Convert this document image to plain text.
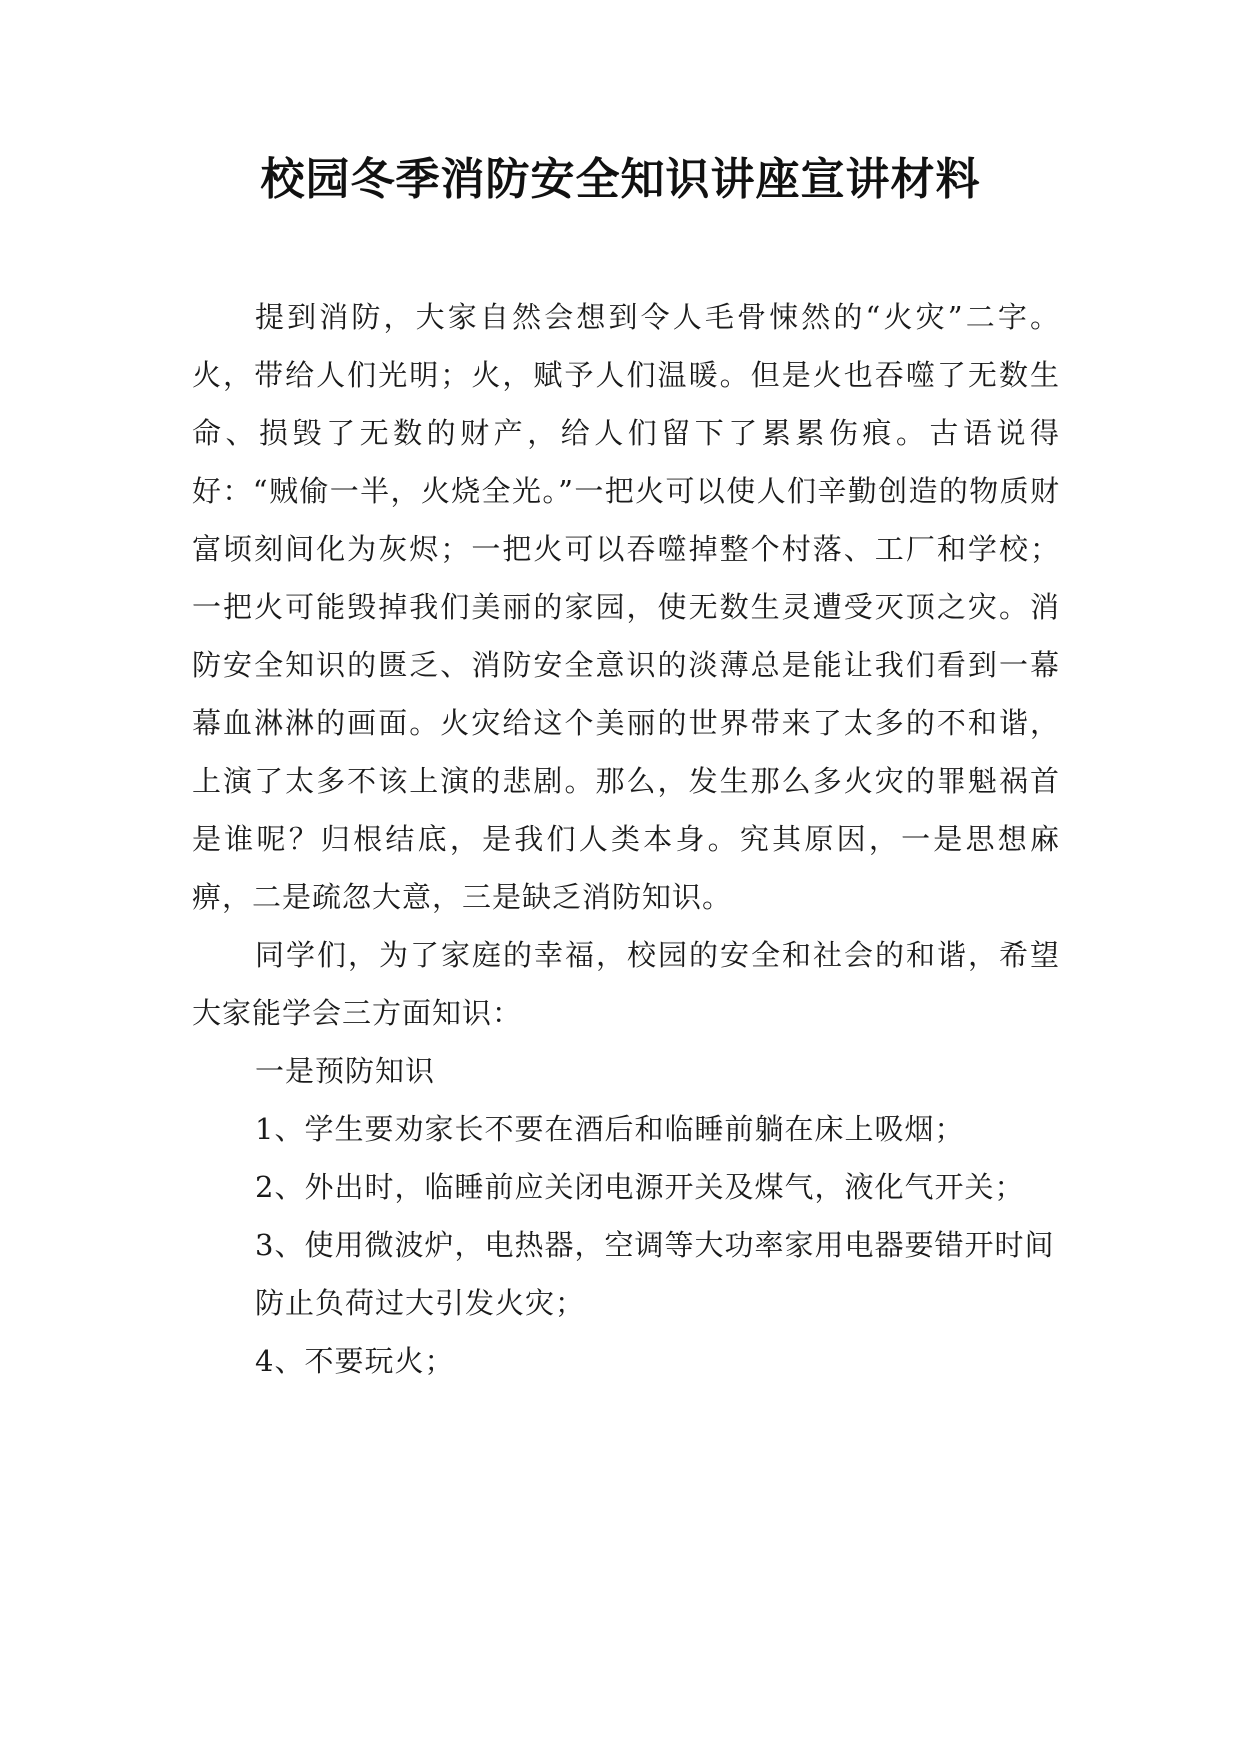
校园冬季消防安全知识讲座宣讲材料

提到消防，大家自然会想到令人毛骨悚然的“火灾”二字。火，带给人们光明；火，赋予人们温暖。但是火也吞噬了无数生命、损毁了无数的财产，给人们留下了累累伤痕。古语说得好：“贼偷一半，火烧全光。”一把火可以使人们辛勤创造的物质财富顷刻间化为灰烬；一把火可以吞噬掉整个村落、工厂和学校；一把火可能毁掉我们美丽的家园，使无数生灵遭受灭顶之灾。消防安全知识的匮乏、消防安全意识的淡薄总是能让我们看到一幕幕血淋淋的画面。火灾给这个美丽的世界带来了太多的不和谐，上演了太多不该上演的悲剧。那么，发生那么多火灾的罪魁祸首是谁呢？归根结底，是我们人类本身。究其原因，一是思想麻痹，二是疏忽大意，三是缺乏消防知识。

同学们，为了家庭的幸福，校园的安全和社会的和谐，希望大家能学会三方面知识：

一是预防知识

1、学生要劝家长不要在酒后和临睡前躺在床上吸烟；

2、外出时，临睡前应关闭电源开关及煤气，液化气开关；

3、使用微波炉，电热器，空调等大功率家用电器要错开时间

防止负荷过大引发火灾；

4、不要玩火；
